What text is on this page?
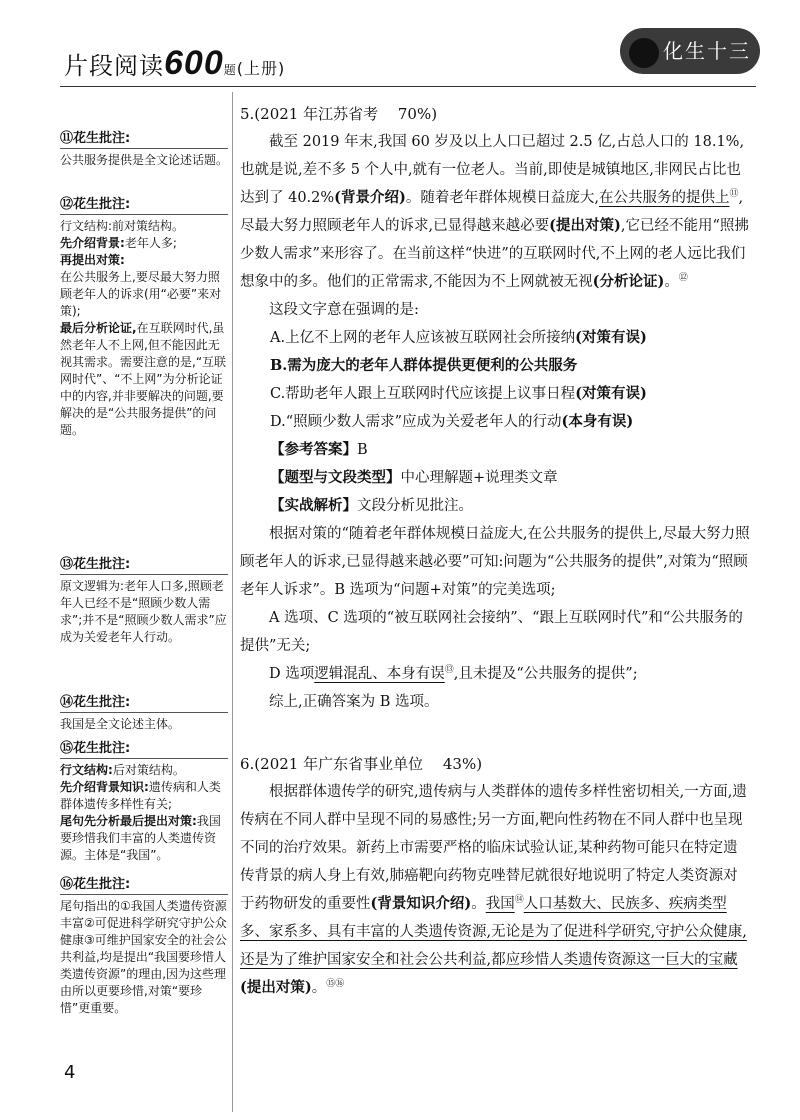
片段阅读600题(上册)
化生十三
⑪花生批注:

公共服务提供是全文论述话题。

⑫花生批注:

行文结构:前对策结构。

先介绍背景:老年人多;

再提出对策:

在公共服务上,要尽最大努力照顾老年人的诉求(用“必要”来对策);

最后分析论证,在互联网时代,虽然老年人不上网,但不能因此无视其需求。需要注意的是,“互联网时代”、“不上网”为分析论证中的内容,并非要解决的问题,要解决的是“公共服务提供”的问题。

⑬花生批注:

原文逻辑为:老年人口多,照顾老年人已经不是“照顾少数人需求”;并不是“照顾少数人需求”应成为关爱老年人行动。

⑭花生批注:

我国是全文论述主体。

⑮花生批注:

行文结构:后对策结构。

先介绍背景知识:遗传病和人类群体遗传多样性有关;

尾句先分析最后提出对策:我国要珍惜我们丰富的人类遗传资源。主体是“我国”。

⑯花生批注:

尾句指出的①我国人类遗传资源丰富②可促进科学研究守护公众健康③可维护国家安全的社会公共利益,均是提出“我国要珍惜人类遗传资源”的理由,因为这些理由所以更要珍惜,对策“要珍惜”更重要。

5.(2021 年江苏省考　 70%)

截至 2019 年末,我国 60 岁及以上人口已超过 2.5 亿,占总人口的 18.1%,也就是说,差不多 5 个人中,就有一位老人。当前,即使是城镇地区,非网民占比也达到了 40.2%(背景介绍)。随着老年群体规模日益庞大,在公共服务的提供上⑪,尽最大努力照顾老年人的诉求,已显得越来越必要(提出对策),它已经不能用“照拂少数人需求”来形容了。在当前这样“快进”的互联网时代,不上网的老人远比我们想象中的多。他们的正常需求,不能因为不上网就被无视(分析论证)。⑫

这段文字意在强调的是:

A.上亿不上网的老年人应该被互联网社会所接纳(对策有误)

B.需为庞大的老年人群体提供更便利的公共服务

C.帮助老年人跟上互联网时代应该提上议事日程(对策有误)

D.“照顾少数人需求”应成为关爱老年人的行动(本身有误)

【参考答案】B

【题型与文段类型】中心理解题+说理类文章

【实战解析】文段分析见批注。

根据对策的“随着老年群体规模日益庞大,在公共服务的提供上,尽最大努力照顾老年人的诉求,已显得越来越必要”可知:问题为“公共服务的提供”,对策为“照顾老年人诉求”。B 选项为“问题+对策”的完美选项;

A 选项、C 选项的“被互联网社会接纳”、“跟上互联网时代”和“公共服务的提供”无关;

D 选项逻辑混乱、本身有误⑬,且未提及“公共服务的提供”;

综上,正确答案为 B 选项。

6.(2021 年广东省事业单位　 43%)

根据群体遗传学的研究,遗传病与人类群体的遗传多样性密切相关,一方面,遗传病在不同人群中呈现不同的易感性;另一方面,靶向性药物在不同人群中也呈现不同的治疗效果。新药上市需要严格的临床试验认证,某种药物可能只在特定遗传背景的病人身上有效,肺癌靶向药物克唑替尼就很好地说明了特定人类资源对于药物研发的重要性(背景知识介绍)。我国⑭人口基数大、民族多、疾病类型多、家系多、具有丰富的人类遗传资源,无论是为了促进科学研究,守护公众健康,还是为了维护国家安全和社会公共利益,都应珍惜人类遗传资源这一巨大的宝藏(提出对策)。⑮⑯

4
